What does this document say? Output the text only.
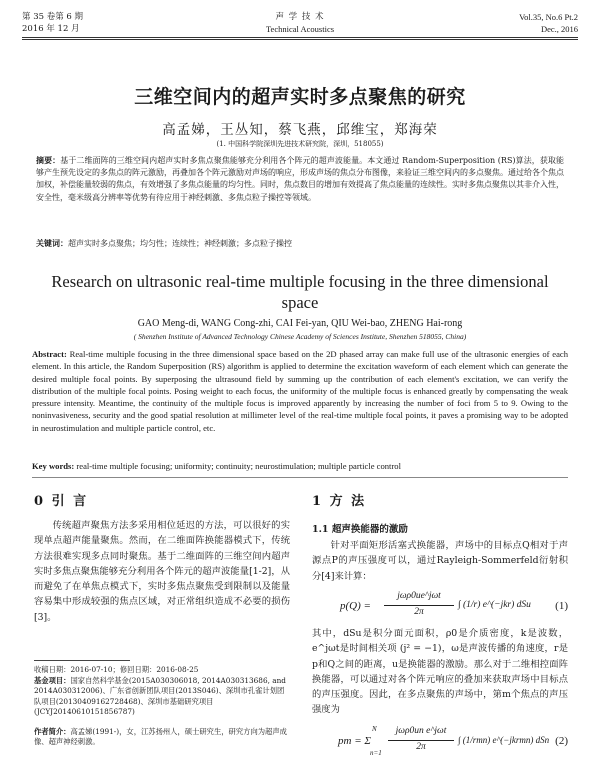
第 35 卷第 6 期
2016 年 12 月
声 学 技 术
Technical Acoustics
Vol.35, No.6 Pt.2
Dec., 2016
三维空间内的超声实时多点聚焦的研究
高孟娣，王丛知，蔡飞燕，邱维宝，郑海荣
(1. 中国科学院深圳先进技术研究院，深圳，518055)
摘要：基于二维面阵的三维空间内超声实时多焦点聚焦能够充分利用各个阵元的超声波能量。本文通过 Random-Superposition (RS)算法，获取能够产生预先设定的多焦点的阵元激励，再叠加各个阵元激励对声场的响应，形成声场的焦点分布图像，来验证三维空间内的多点聚焦。通过给各个焦点加权，补偿能量较弱的焦点，有效增强了多焦点能量的均匀性。同时，焦点数目的增加有效提高了焦点能量的连续性。实时多焦点聚焦以其非介入性，安全性，毫米级高分辨率等优势有待应用于神经刺激、多焦点粒子操控等领域。
关键词：超声实时多点聚焦；均匀性；连续性；神经刺激；多点粒子操控
Research on ultrasonic real-time multiple focusing in the three dimensional space
GAO Meng-di, WANG Cong-zhi, CAI Fei-yan, QIU Wei-bao, ZHENG Hai-rong
( Shenzhen Institute of Advanced Technology Chinese Academy of Sciences Institute, Shenzhen 518055, China)
Abstract: Real-time multiple focusing in the three dimensional space based on the 2D phased array can make full use of the ultrasonic energies of each element. In this article, the Random Superposition (RS) algorithm is applied to determine the excitation waveform of each element which can generate the desired multiple focal points. By superposing the ultrasound field by summing up the contribution of each element's excitation, we can verify the distribution of the multiple focal points. Posing weight to each focus, the uniformity of the multiple focus is enhanced greatly by compensating the weak pressure intensity. Meantime, the continuity of the multiple focus is improved apparently by increasing the number of foci from 5 to 9. Owing to the noninvasiveness, security and the good spatial resolution at millimeter level of the real-time multiple focal points, it paves a promising way to be adopted in neurostimulation and multiple particle control, etc.
Key words: real-time multiple focusing; uniformity; continuity; neurostimulation; multiple particle control
0 引 言
传统超声聚焦方法多采用相位延迟的方法，可以很好的实现单点超声能量聚焦。然而，在二维面阵换能器模式下，传统方法很难实现多点同时聚焦。基于二维面阵的三维空间内超声实时多焦点聚焦能够充分利用各个阵元的超声波能量[1-2]，从而避免了在单焦点模式下，实时多焦点聚焦受到限制以及能量容易集中形成较强的焦点区域，对正常组织造成不必要的损伤[3]。
收稿日期：2016-07-10；修回日期：2016-08-25
基金项目：国家自然科学基金(2015A030306018, 2014A030313686, and 2014A030312006)、广东省创新团队项目(2013S046)、深圳市孔雀计划团队项目(20130409162728468)、深圳市基础研究项目(JCYJ20140610151856787)
作者简介：高孟娣(1991-)，女，江苏扬州人，硕士研究生，研究方向为超声成像、超声神经刺激。
1 方 法
1.1 超声换能器的激励
针对平面矩形活塞式换能器，声场中的目标点Q相对于声源点P的声压强度可以，通过Rayleigh-Sommerfeld衍射积分[4]来计算：
p(Q) =
jωρ0ue^jωt
2π
∫ (1/r) e^(−jkr) dSu (1)
其中，dSu是积分面元面积，ρ0是介质密度，k是波数，e^jωt是时间相关项 (j² = −1)，ω是声波传播的角速度，r是p和Q之间的距离，u是换能器的激励。那么对于二维相控面阵换能器，可以通过对各个阵元响应的叠加来获取声场中目标点的声压强度。因此，在多点聚焦的声场中，第m个焦点的声压强度为
pm = Σ
N
n=1
jωρ0un e^jωt
2π
∫ (1/rmn) e^(−jkrmn) dSn (2)
